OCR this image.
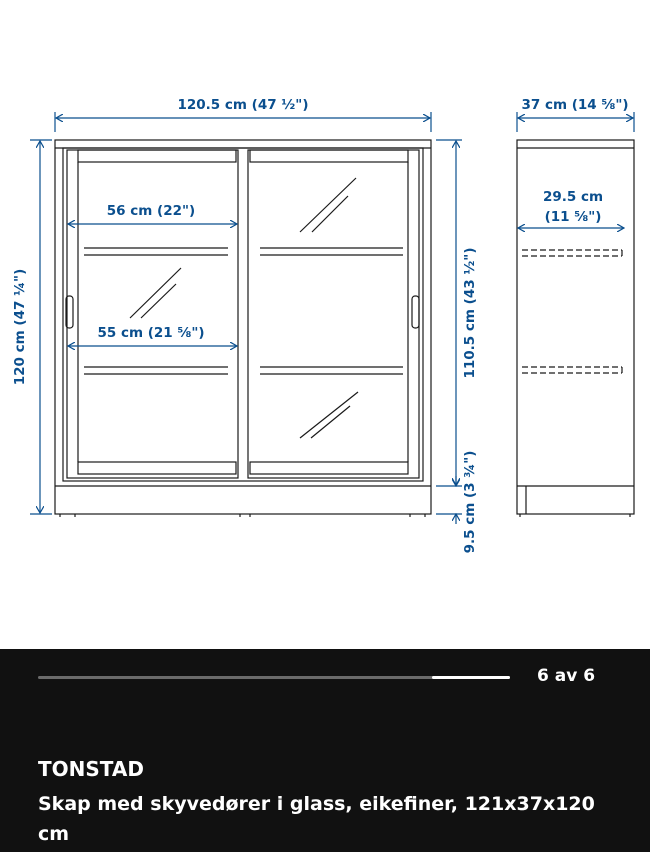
120.5 cm (47 ½")	37 cm (14 ⅝")
29.5 cm
(11 ⅝")
56 cm (22")
55 cm (21 ⅝")
120 cm (47 ¼")	110.5 cm (43 ½")
9.5 cm (3 ¾")
6 av 6
TONSTAD
Skap med skyvedører i glass, eikefiner, 121x37x120 cm
